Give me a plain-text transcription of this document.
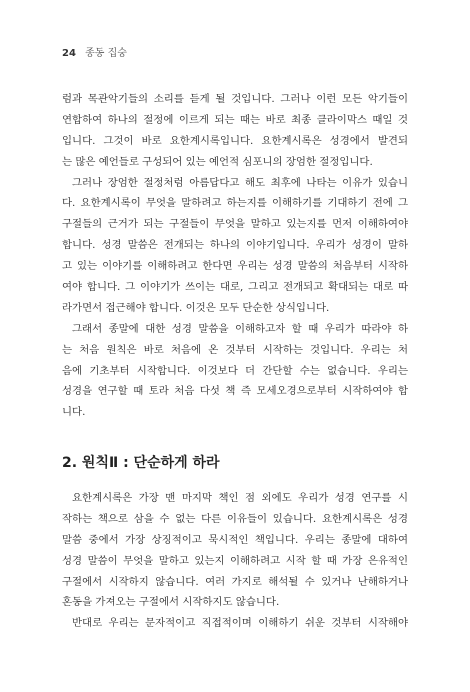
24 종동 집숭
럼과 목관악기들의 소리를 듣게 될 것입니다. 그러나 이런 모든 악기들이
연합하여 하나의 절정에 이르게 되는 때는 바로 최종 클라이막스 때일 것
입니다. 그것이 바로 요한계시록입니다. 요한계시록은 성경에서 발견되
는 많은 예언들로 구성되어 있는 예언적 심포니의 장엄한 절정입니다.
그러나 장엄한 절정처럼 아름답다고 해도 최후에 나타는 이유가 있습니
다. 요한계시록이 무엇을 말하려고 하는지를 이해하기를 기대하기 전에 그
구절들의 근거가 되는 구절들이 무엇을 말하고 있는지를 먼저 이해하여야
합니다. 성경 말씀은 전개되는 하나의 이야기입니다. 우리가 성경이 말하
고 있는 이야기를 이해하려고 한다면 우리는 성경 말씀의 처음부터 시작하
여야 합니다. 그 이야기가 쓰이는 대로, 그리고 전개되고 확대되는 대로 따
라가면서 접근해야 합니다. 이것은 모두 단순한 상식입니다.
그래서 종말에 대한 성경 말씀을 이해하고자 할 때 우리가 따라야 하
는 처음 원칙은 바로 처음에 온 것부터 시작하는 것입니다. 우리는 처
음에 기초부터 시작합니다. 이것보다 더 간단할 수는 없습니다. 우리는
성경을 연구할 때 토라 처음 다섯 책 즉 모세오경으로부터 시작하여야 합
니다.
2. 원칙Ⅱ : 단순하게 하라
요한계시록은 가장 맨 마지막 책인 점 외에도 우리가 성경 연구를 시
작하는 책으로 삼을 수 없는 다른 이유들이 있습니다. 요한계시록은 성경
말씀 중에서 가장 상징적이고 묵시적인 책입니다. 우리는 종말에 대하여
성경 말씀이 무엇을 말하고 있는지 이해하려고 시작 할 때 가장 은유적인
구절에서 시작하지 않습니다. 여러 가지로 해석될 수 있거나 난해하거나
혼동을 가져오는 구절에서 시작하지도 않습니다.
반대로 우리는 문자적이고 직접적이며 이해하기 쉬운 것부터 시작해야
